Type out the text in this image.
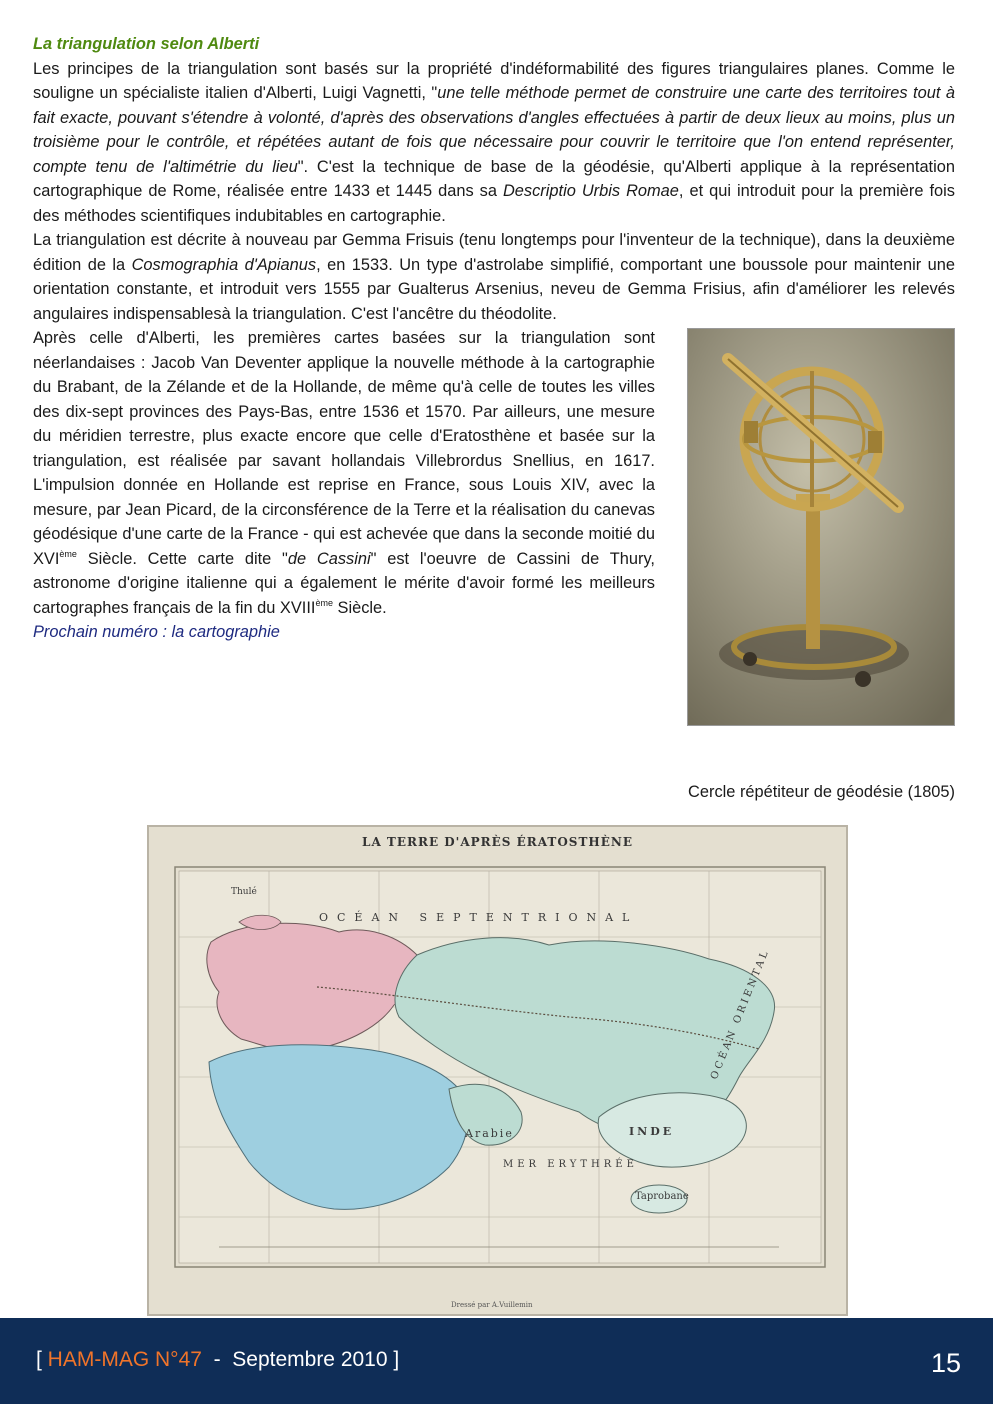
La triangulation selon Alberti

Les principes de la triangulation sont basés sur la propriété d'indéformabilité des figures triangulaires planes. Comme le souligne un spécialiste italien d'Alberti, Luigi Vagnetti, "une telle méthode permet de construire une carte des territoires tout à fait exacte, pouvant s'étendre à volonté, d'après des observations d'angles effectuées à partir de deux lieux au moins, plus un troisième pour le contrôle, et répétées autant de fois que nécessaire pour couvrir le territoire que l'on entend représenter, compte tenu de l'altimétrie du lieu". C'est la technique de base de la géodésie, qu'Alberti applique à la représentation cartographique de Rome, réalisée entre 1433 et 1445 dans sa Descriptio Urbis Romae, et qui introduit pour la première fois des méthodes scientifiques indubitables en cartographie.

La triangulation est décrite à nouveau par Gemma Frisuis (tenu longtemps pour l'inventeur de la technique), dans la deuxième édition de la Cosmographia d'Apianus, en 1533. Un type d'astrolabe simplifié, comportant une boussole pour maintenir une orientation constante, et introduit vers 1555 par Gualterus Arsenius, neveu de Gemma Frisius, afin d'améliorer les relevés angulaires indispensablesà la triangulation. C'est l'ancêtre du théodolite.

Après celle d'Alberti, les premières cartes basées sur la triangulation sont néerlandaises : Jacob Van Deventer applique la nouvelle méthode à la cartographie du Brabant, de la Zélande et de la Hollande, de même qu'à celle de toutes les villes des dix-sept provinces des Pays-Bas, entre 1536 et 1570. Par ailleurs, une mesure du méridien terrestre, plus exacte encore que celle d'Eratosthène et basée sur la triangulation, est réalisée par savant hollandais Villebrordus Snellius, en 1617. L'impulsion donnée en Hollande est reprise en France, sous Louis XIV, avec la mesure, par Jean Picard, de la circonsférence de la Terre et la réalisation du canevas géodésique d'une carte de la France - qui est achevée que dans la seconde moitié du XVIème Siècle. Cette carte dite "de Cassini" est l'oeuvre de Cassini de Thury, astronome d'origine italienne qui a également le mérite d'avoir formé les meilleurs cartographes français de la fin du XVIIIème Siècle.

Prochain numéro : la cartographie

Cercle répétiteur de géodésie (1805)
LA TERRE D'APRÈS ÉRATOSTHÈNE
OCÉAN SEPTENTRIONAL
MER ERYTHRÉE
OCÉAN ORIENTAL
Arabie	INDE
Taprobane
Thulé
Dressé par A.Vuillemin
[ HAM-MAG N°47  -  Septembre 2010 ]	15
